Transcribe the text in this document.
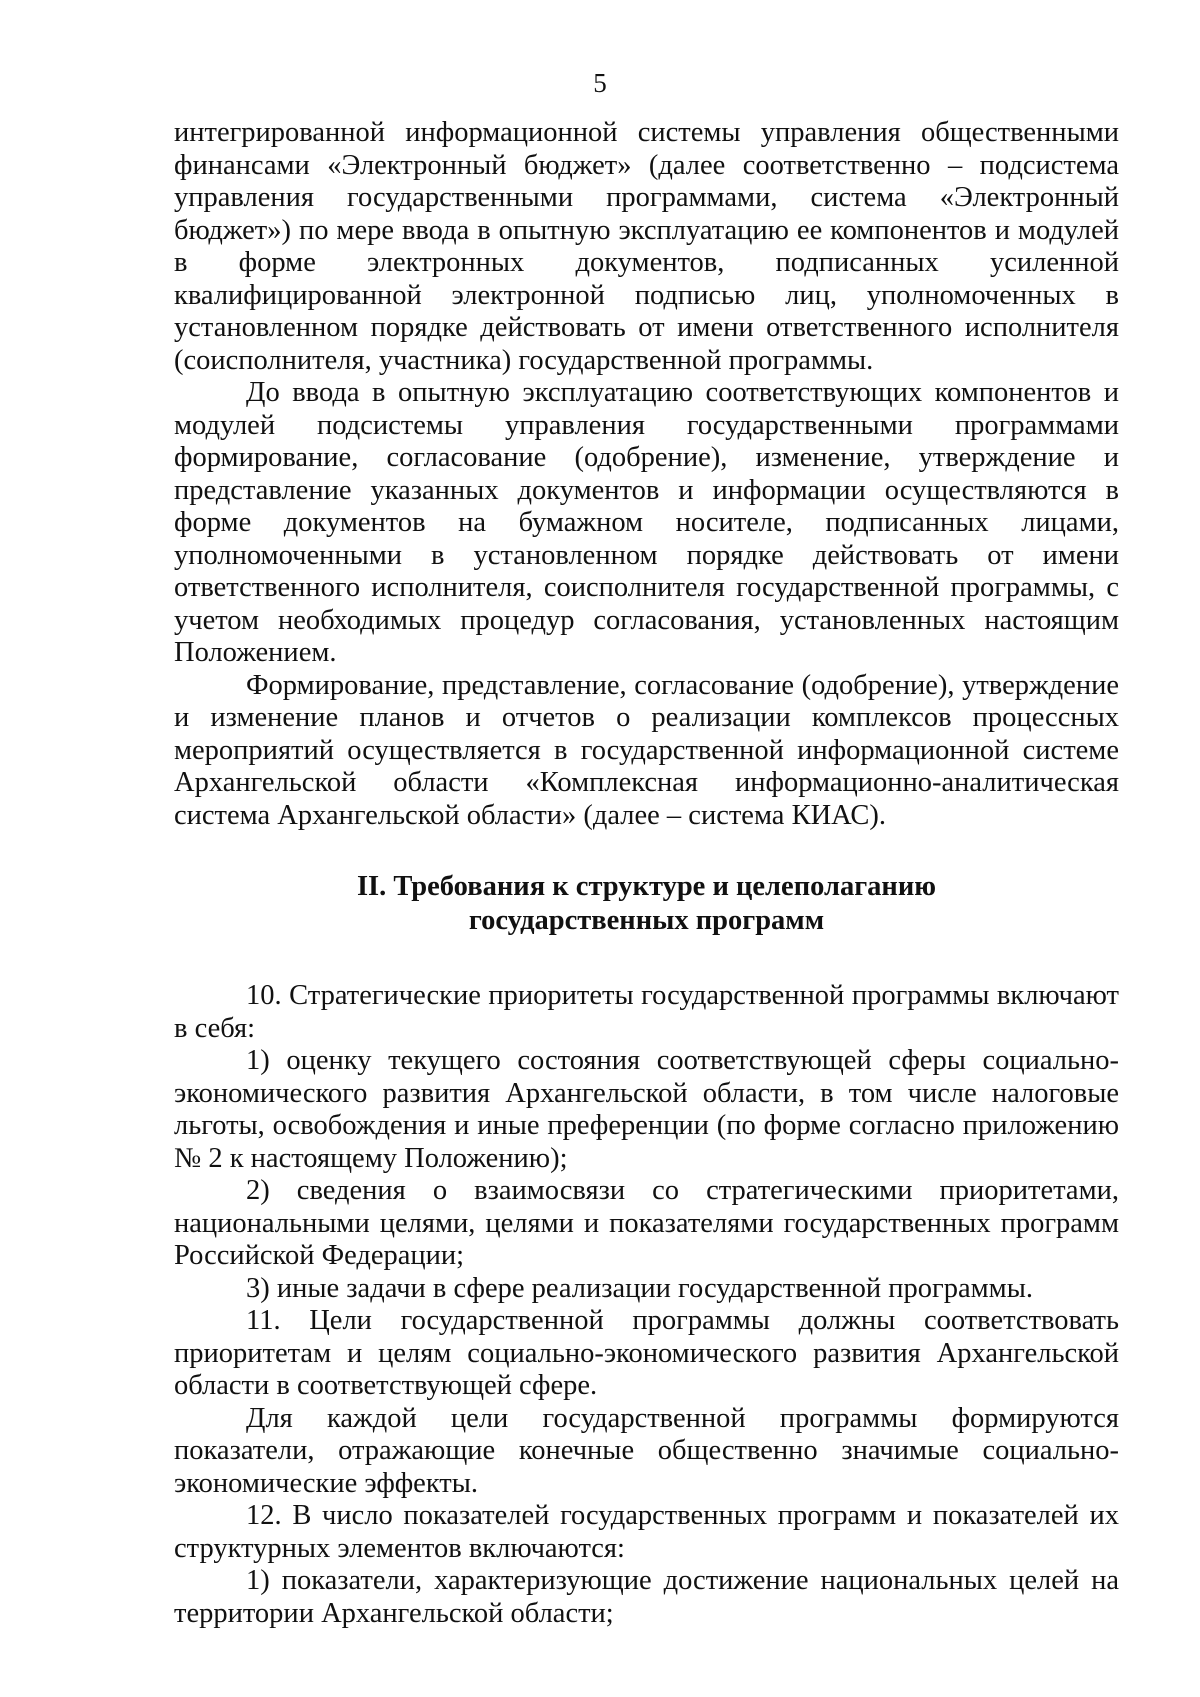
5

интегрированной информационной системы управления общественными финансами «Электронный бюджет» (далее соответственно – подсистема управления государственными программами, система «Электронный бюджет») по мере ввода в опытную эксплуатацию ее компонентов и модулей в форме электронных документов, подписанных усиленной квалифицированной электронной подписью лиц, уполномоченных в установленном порядке действовать от имени ответственного исполнителя (соисполнителя, участника) государственной программы.

До ввода в опытную эксплуатацию соответствующих компонентов и модулей подсистемы управления государственными программами формирование, согласование (одобрение), изменение, утверждение и представление указанных документов и информации осуществляются в форме документов на бумажном носителе, подписанных лицами, уполномоченными в установленном порядке действовать от имени ответственного исполнителя, соисполнителя государственной программы, с учетом необходимых процедур согласования, установленных настоящим Положением.

Формирование, представление, согласование (одобрение), утверждение и изменение планов и отчетов о реализации комплексов процессных мероприятий осуществляется в государственной информационной системе Архангельской области «Комплексная информационно-аналитическая система Архангельской области» (далее – система КИАС).

II. Требования к структуре и целеполаганию
государственных программ

10. Стратегические приоритеты государственной программы включают в себя:

1) оценку текущего состояния соответствующей сферы социально-экономического развития Архангельской области, в том числе налоговые льготы, освобождения и иные преференции (по форме согласно приложению № 2 к настоящему Положению);

2) сведения о взаимосвязи со стратегическими приоритетами, национальными целями, целями и показателями государственных программ Российской Федерации;

3) иные задачи в сфере реализации государственной программы.

11. Цели государственной программы должны соответствовать приоритетам и целям социально-экономического развития Архангельской области в соответствующей сфере.

Для каждой цели государственной программы формируются показатели, отражающие конечные общественно значимые социально-экономические эффекты.

12. В число показателей государственных программ и показателей их структурных элементов включаются:

1) показатели, характеризующие достижение национальных целей на территории Архангельской области;
